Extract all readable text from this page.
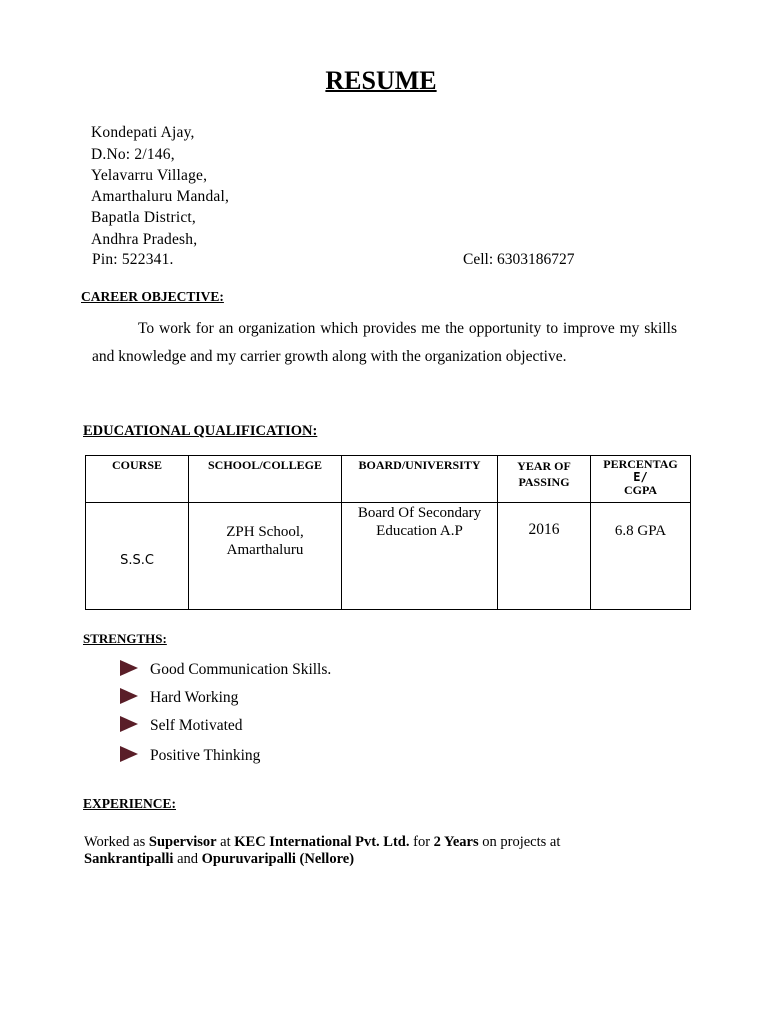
RESUME
Kondepati Ajay,
D.No: 2/146,
Yelavarru Village,
Amarthaluru Mandal,
Bapatla District,
Andhra Pradesh,
Pin: 522341.	Cell: 6303186727
CAREER OBJECTIVE:
To work for an organization which provides me the opportunity to improve my skills and knowledge and my carrier growth along with the organization objective.
EDUCATIONAL QUALIFICATION:
COURSE	SCHOOL/COLLEGE	BOARD/UNIVERSITY	YEAR OF PASSING	PERCENTAG
E/
CGPA

S.S.C	ZPH School, Amarthaluru	Board Of Secondary Education A.P	2016	6.8 GPA
STRENGTHS:
Good Communication Skills.
Hard Working
Self Motivated
Positive Thinking
EXPERIENCE:
Worked as Supervisor at KEC International Pvt. Ltd. for 2 Years on projects at
Sankrantipalli and Opuruvaripalli (Nellore)
